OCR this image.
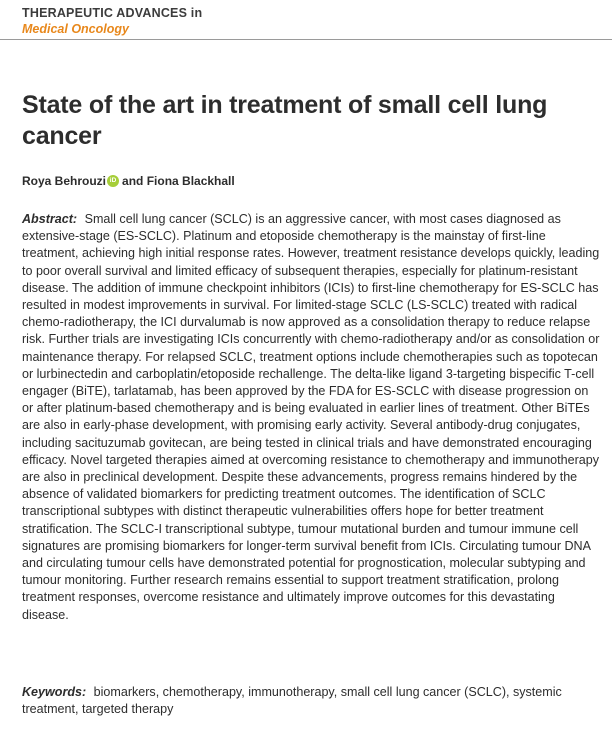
THERAPEUTIC ADVANCES in
Medical Oncology
State of the art in treatment of small cell lung cancer
Roya Behrouzi iD and Fiona Blackhall

Abstract: Small cell lung cancer (SCLC) is an aggressive cancer, with most cases diagnosed as extensive-stage (ES-SCLC). Platinum and etoposide chemotherapy is the mainstay of first-line treatment, achieving high initial response rates. However, treatment resistance develops quickly, leading to poor overall survival and limited efficacy of subsequent therapies, especially for platinum-resistant disease. The addition of immune checkpoint inhibitors (ICIs) to first-line chemotherapy for ES-SCLC has resulted in modest improvements in survival. For limited-stage SCLC (LS-SCLC) treated with radical chemo-radiotherapy, the ICI durvalumab is now approved as a consolidation therapy to reduce relapse risk. Further trials are investigating ICIs concurrently with chemo-radiotherapy and/or as consolidation or maintenance therapy. For relapsed SCLC, treatment options include chemotherapies such as topotecan or lurbinectedin and carboplatin/etoposide rechallenge. The delta-like ligand 3-targeting bispecific T-cell engager (BiTE), tarlatamab, has been approved by the FDA for ES-SCLC with disease progression on or after platinum-based chemotherapy and is being evaluated in earlier lines of treatment. Other BiTEs are also in early-phase development, with promising early activity. Several antibody-drug conjugates, including sacituzumab govitecan, are being tested in clinical trials and have demonstrated encouraging efficacy. Novel targeted therapies aimed at overcoming resistance to chemotherapy and immunotherapy are also in preclinical development. Despite these advancements, progress remains hindered by the absence of validated biomarkers for predicting treatment outcomes. The identification of SCLC transcriptional subtypes with distinct therapeutic vulnerabilities offers hope for better treatment stratification. The SCLC-I transcriptional subtype, tumour mutational burden and tumour immune cell signatures are promising biomarkers for longer-term survival benefit from ICIs. Circulating tumour DNA and circulating tumour cells have demonstrated potential for prognostication, molecular subtyping and tumour monitoring. Further research remains essential to support treatment stratification, prolong treatment responses, overcome resistance and ultimately improve outcomes for this devastating disease.

Keywords: biomarkers, chemotherapy, immunotherapy, small cell lung cancer (SCLC), systemic treatment, targeted therapy
